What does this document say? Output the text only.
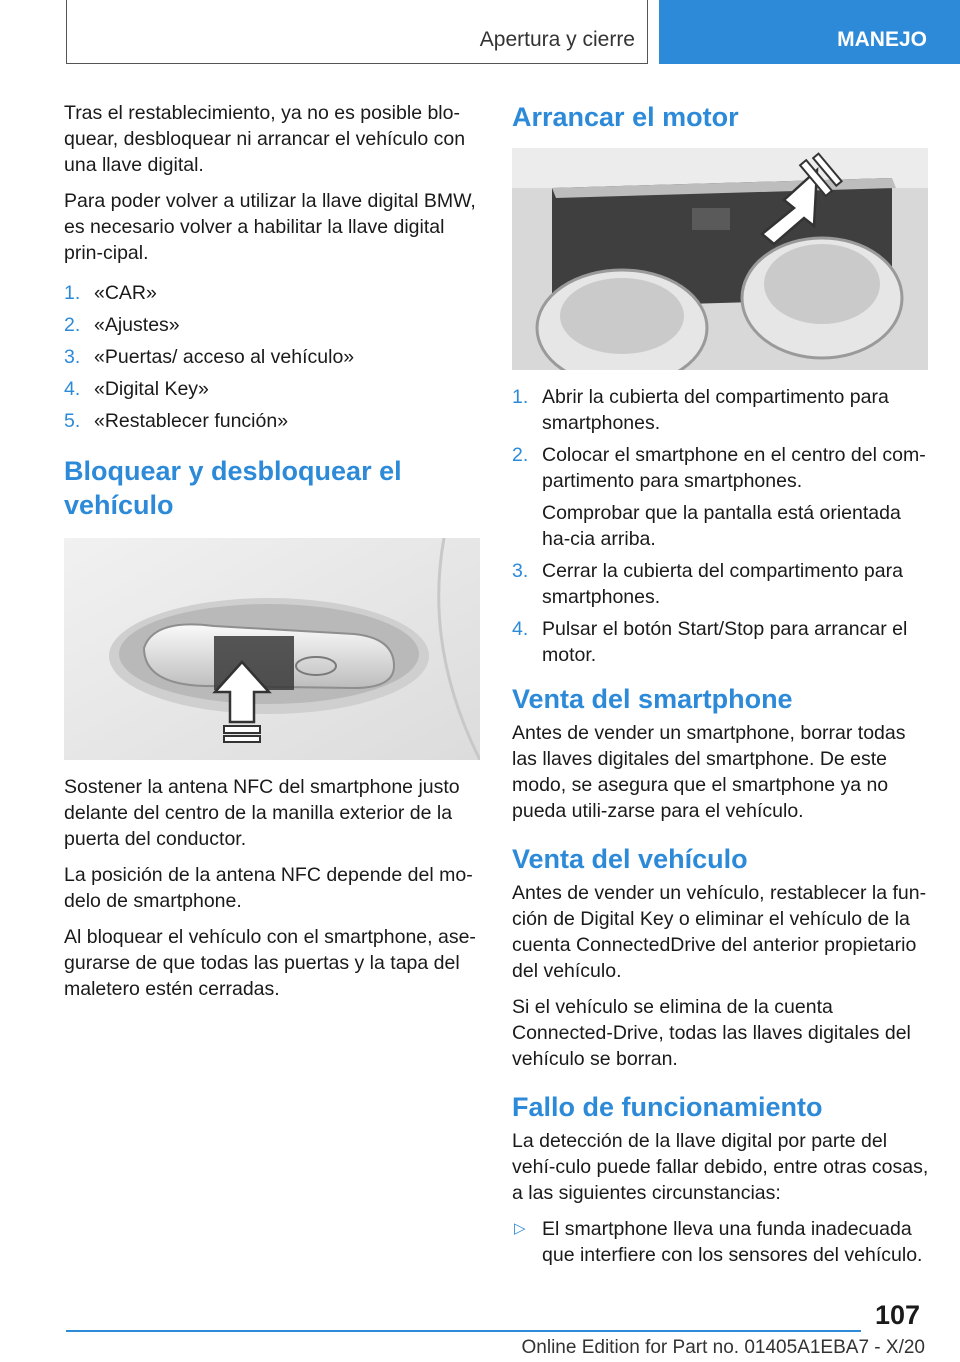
Apertura y cierre	MANEJO

Tras el restablecimiento, ya no es posible blo‐quear, desbloquear ni arrancar el vehículo con una llave digital.

Para poder volver a utilizar la llave digital BMW, es necesario volver a habilitar la llave digital prin‐cipal.

1. «CAR»
2. «Ajustes»
3. «Puertas/ acceso al vehículo»
4. «Digital Key»
5. «Restablecer función»
Bloquear y desbloquear el vehículo

Sostener la antena NFC del smartphone justo delante del centro de la manilla exterior de la puerta del conductor.

La posición de la antena NFC depende del mo‐delo de smartphone.

Al bloquear el vehículo con el smartphone, ase‐gurarse de que todas las puertas y la tapa del maletero estén cerradas.

Arrancar el motor
1. Abrir la cubierta del compartimento para smartphones.
2. Colocar el smartphone en el centro del com‐partimento para smartphones.
Comprobar que la pantalla está orientada ha‐cia arriba.
3. Cerrar la cubierta del compartimento para smartphones.
4. Pulsar el botón Start/Stop para arrancar el motor.
Venta del smartphone

Antes de vender un smartphone, borrar todas las llaves digitales del smartphone. De este modo, se asegura que el smartphone ya no pueda utili‐zarse para el vehículo.

Venta del vehículo

Antes de vender un vehículo, restablecer la fun‐ción de Digital Key o eliminar el vehículo de la cuenta ConnectedDrive del anterior propietario del vehículo.

Si el vehículo se elimina de la cuenta Connected‐Drive, todas las llaves digitales del vehículo se borran.

Fallo de funcionamiento

La detección de la llave digital por parte del vehí‐culo puede fallar debido, entre otras cosas, a las siguientes circunstancias:

▷ El smartphone lleva una funda inadecuada que interfiere con los sensores del vehículo.
107
Online Edition for Part no. 01405A1EBA7 - X/20
